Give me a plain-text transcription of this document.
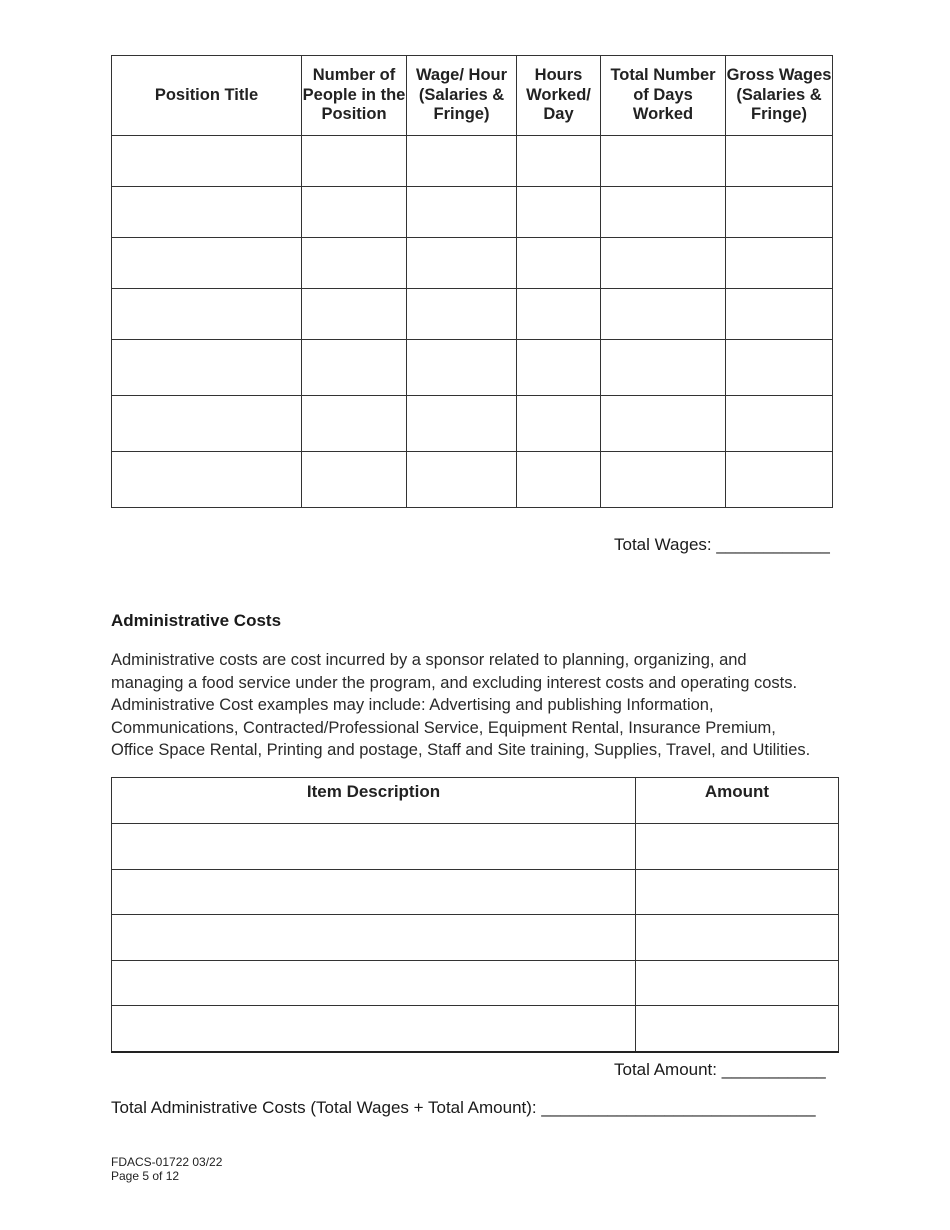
Position Title	Number of People in the Position	Wage/ Hour (Salaries & Fringe)	Hours Worked/ Day	Total Number of Days Worked	Gross Wages (Salaries & Fringe)

Total Wages: ____________
Administrative Costs
Administrative costs are cost incurred by a sponsor related to planning, organizing, and
managing a food service under the program, and excluding interest costs and operating costs.
Administrative Cost examples may include: Advertising and publishing Information,
Communications, Contracted/Professional Service, Equipment Rental, Insurance Premium,
Office Space Rental, Printing and postage, Staff and Site training, Supplies, Travel, and Utilities.
Item Description	Amount

Total Amount: ___________
Total Administrative Costs (Total Wages + Total Amount): _____________________________
FDACS-01722 03/22
Page 5 of 12
